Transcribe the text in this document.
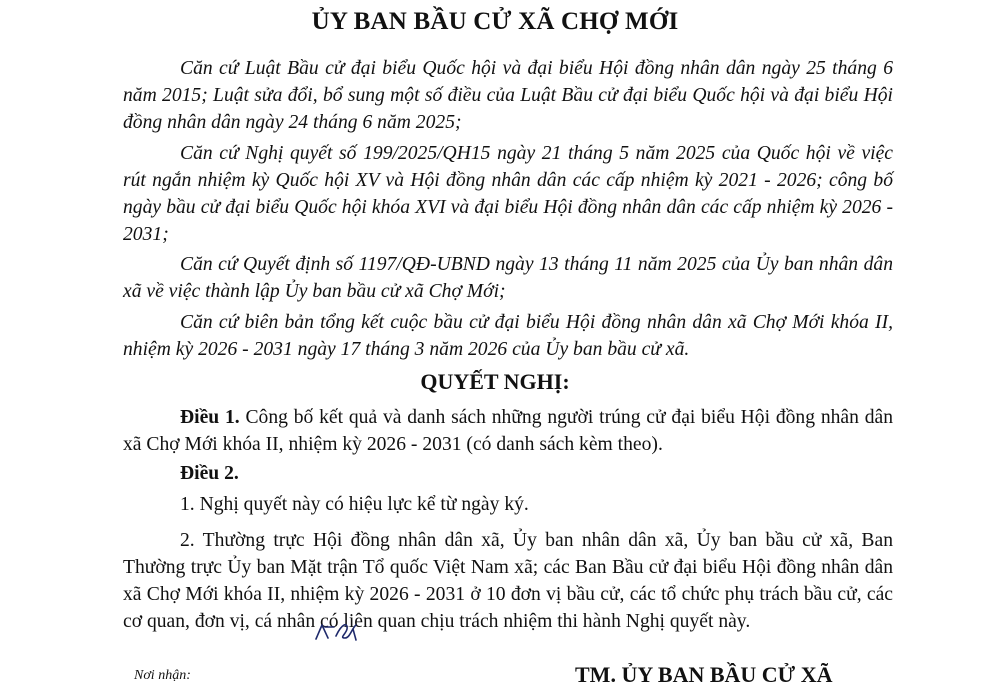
ỦY BAN BẦU CỬ XÃ CHỢ MỚI
Căn cứ Luật Bầu cử đại biểu Quốc hội và đại biểu Hội đồng nhân dân ngày 25 tháng 6 năm 2015; Luật sửa đổi, bổ sung một số điều của Luật Bầu cử đại biểu Quốc hội và đại biểu Hội đồng nhân dân ngày 24 tháng 6 năm 2025;
Căn cứ Nghị quyết số 199/2025/QH15 ngày 21 tháng 5 năm 2025 của Quốc hội về việc rút ngắn nhiệm kỳ Quốc hội XV và Hội đồng nhân dân các cấp nhiệm kỳ 2021 - 2026; công bố ngày bầu cử đại biểu Quốc hội khóa XVI và đại biểu Hội đồng nhân dân các cấp nhiệm kỳ 2026 - 2031;
Căn cứ Quyết định số 1197/QĐ-UBND ngày 13 tháng 11 năm 2025 của Ủy ban nhân dân xã về việc thành lập Ủy ban bầu cử xã Chợ Mới;
Căn cứ biên bản tổng kết cuộc bầu cử đại biểu Hội đồng nhân dân xã Chợ Mới khóa II, nhiệm kỳ 2026 - 2031 ngày 17 tháng 3 năm 2026 của Ủy ban bầu cử xã.
QUYẾT NGHỊ:
Điều 1. Công bố kết quả và danh sách những người trúng cử đại biểu Hội đồng nhân dân xã Chợ Mới khóa II, nhiệm kỳ 2026 - 2031 (có danh sách kèm theo).
Điều 2.
1. Nghị quyết này có hiệu lực kể từ ngày ký.
2. Thường trực Hội đồng nhân dân xã, Ủy ban nhân dân xã, Ủy ban bầu cử xã, Ban Thường trực Ủy ban Mặt trận Tổ quốc Việt Nam xã; các Ban Bầu cử đại biểu Hội đồng nhân dân xã Chợ Mới khóa II, nhiệm kỳ 2026 - 2031 ở 10 đơn vị bầu cử, các tổ chức phụ trách bầu cử, các cơ quan, đơn vị, cá nhân có liên quan chịu trách nhiệm thi hành Nghị quyết này.
Nơi nhận:	TM. ỦY BAN BẦU CỬ XÃ
